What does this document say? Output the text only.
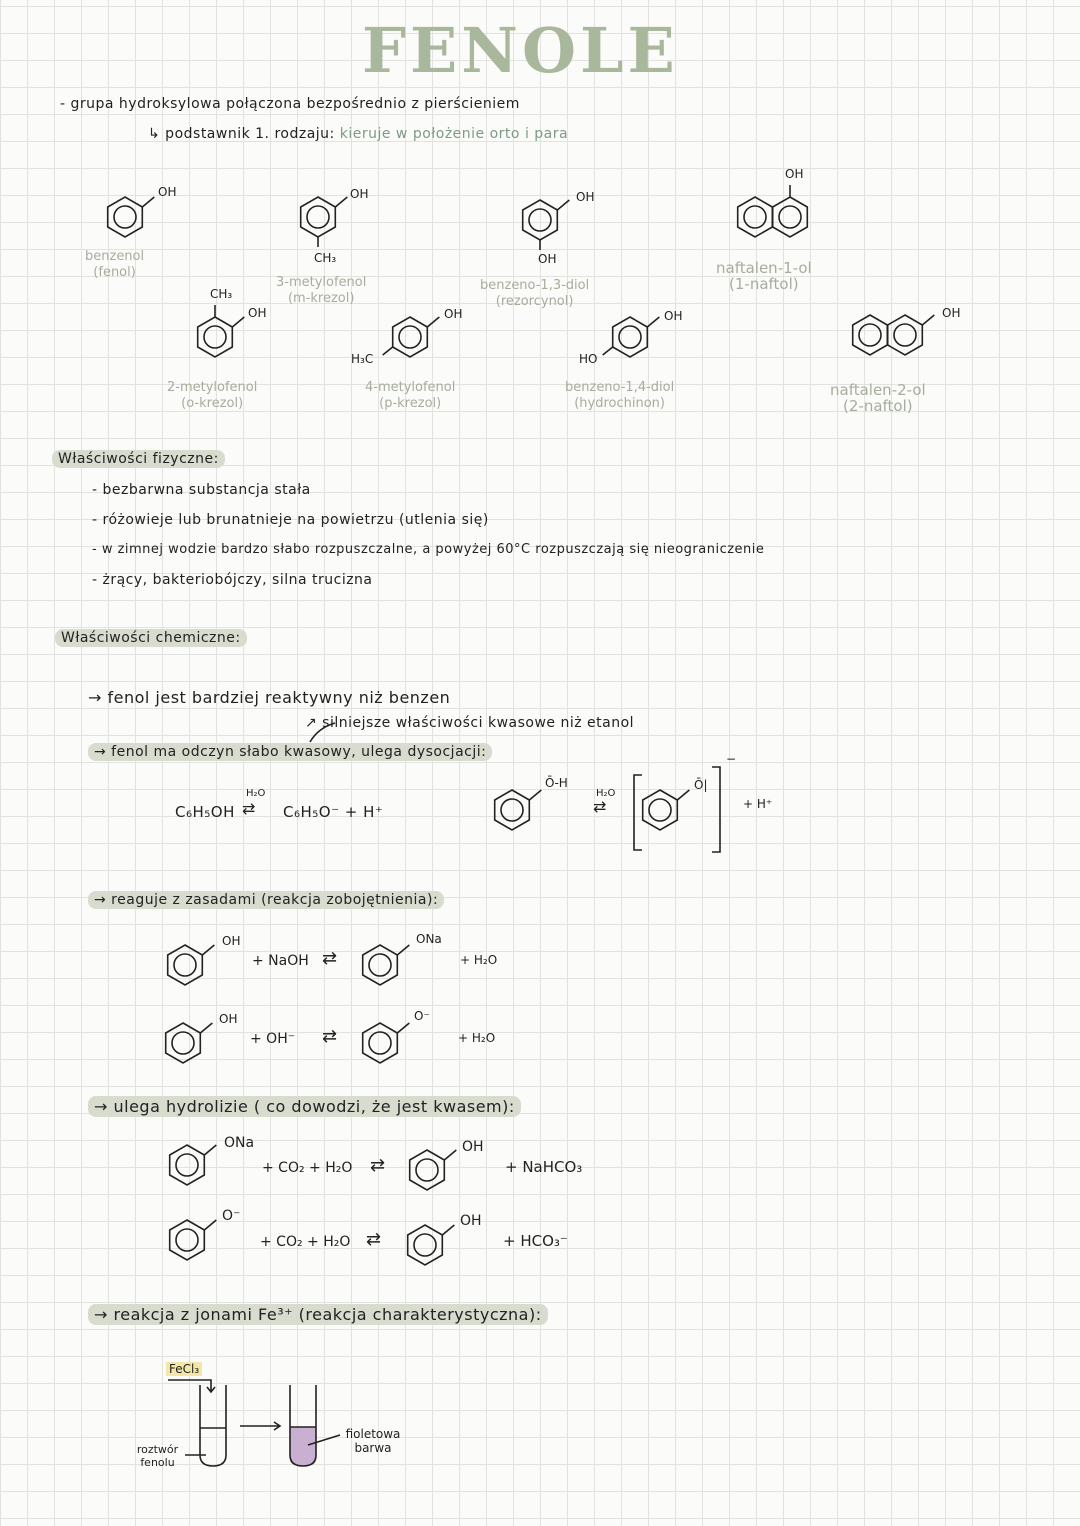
FENOLE
- grupa hydroksylowa połączona bezpośrednio z pierścieniem
↳ podstawnik 1. rodzaju: kieruje w położenie orto i para
benzenol
(fenol)
3-metylofenol
(m-krezol)
benzeno-1,3-diol
(rezorcynol)
naftalen-1-ol
(1-naftol)
2-metylofenol
(o-krezol)
4-metylofenol
(p-krezol)
benzeno-1,4-diol
(hydrochinon)
naftalen-2-ol
(2-naftol)
OH	OH
CH₃
OH
OH
OH
CH₃
OH	OH
H₃C
OH
HO
OH
Właściwości fizyczne:
- bezbarwna substancja stała
- różowieje lub brunatnieje na powietrzu (utlenia się)
- w zimnej wodzie bardzo słabo rozpuszczalne, a powyżej 60°C rozpuszczają się nieograniczenie
- żrący, bakteriobójczy, silna trucizna
Właściwości chemiczne:
→ fenol jest bardziej reaktywny niż benzen
↗ silniejsze właściwości kwasowe niż etanol
→ fenol ma odczyn słabo kwasowy, ulega dysocjacji:
C₆H₅OH
H₂O
⇄ C₆H₅O⁻ + H⁺
Ō-H
H₂O
⇄
Ō|
−
+ H⁺
→ reaguje z zasadami (reakcja zobojętnienia):
OH
+ NaOH ⇄
ONa
+ H₂O
OH
+ OH⁻ ⇄
O⁻
+ H₂O
→ ulega hydrolizie ( co dowodzi, że jest kwasem):
ONa
+ CO₂ + H₂O ⇄
OH
+ NaHCO₃
O⁻
+ CO₂ + H₂O ⇄
OH
+ HCO₃⁻
→ reakcja z jonami Fe³⁺ (reakcja charakterystyczna):
FeCl₃
roztwór fenolu
fioletowa barwa
